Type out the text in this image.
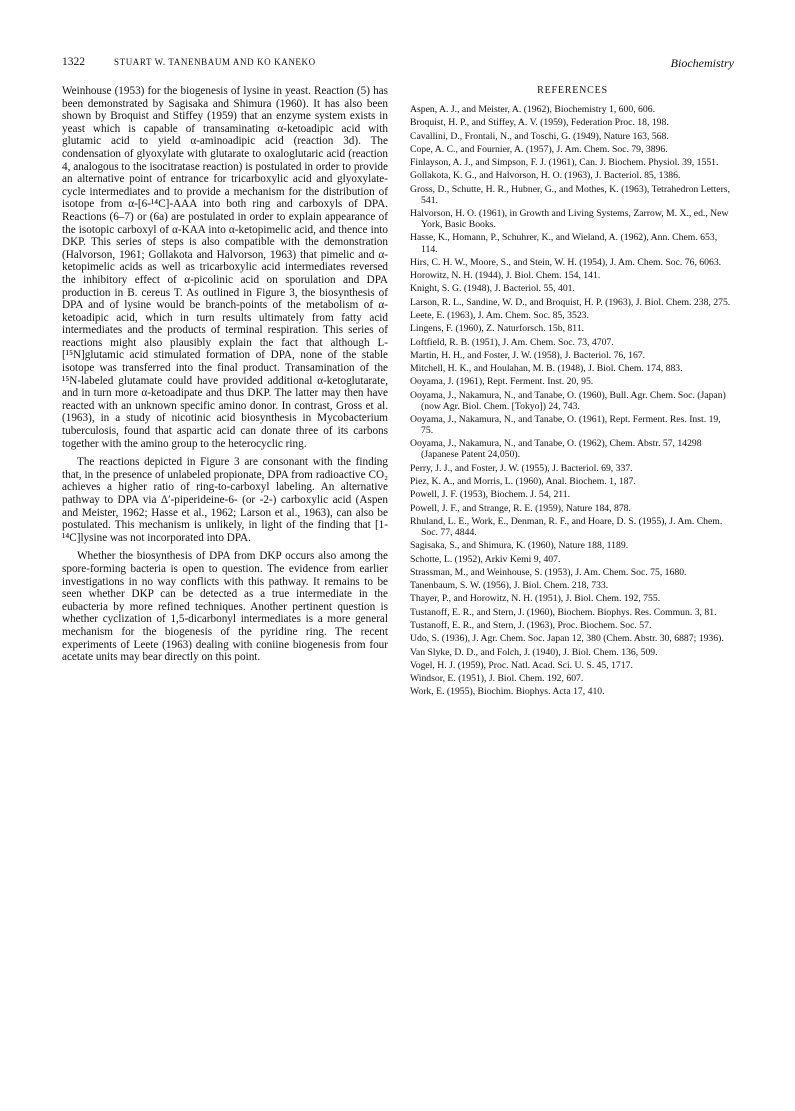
1322	STUART W. TANENBAUM AND KO KANEKO	Biochemistry

Weinhouse (1953) for the biogenesis of lysine in yeast. Reaction (5) has been demonstrated by Sagisaka and Shimura (1960). It has also been shown by Broquist and Stiffey (1959) that an enzyme system exists in yeast which is capable of transaminating α-ketoadipic acid with glutamic acid to yield α-aminoadipic acid (reaction 3d). The condensation of glyoxylate with glutarate to oxaloglutaric acid (reaction 4, analogous to the isocitratase reaction) is postulated in order to provide an alternative point of entrance for tricarboxylic acid and glyoxylate-cycle intermediates and to provide a mechanism for the distribution of isotope from α-[6-¹⁴C]-AAA into both ring and carboxyls of DPA. Reactions (6–7) or (6a) are postulated in order to explain appearance of the isotopic carboxyl of α-KAA into α-ketopimelic acid, and thence into DKP. This series of steps is also compatible with the demonstration (Halvorson, 1961; Gollakota and Halvorson, 1963) that pimelic and α-ketopimelic acids as well as tricarboxylic acid intermediates reversed the inhibitory effect of α-picolinic acid on sporulation and DPA production in B. cereus T. As outlined in Figure 3, the biosynthesis of DPA and of lysine would be branch-points of the metabolism of α-ketoadipic acid, which in turn results ultimately from fatty acid intermediates and the products of terminal respiration. This series of reactions might also plausibly explain the fact that although L-[¹⁵N]glutamic acid stimulated formation of DPA, none of the stable isotope was transferred into the final product. Transamination of the ¹⁵N-labeled glutamate could have provided additional α-ketoglutarate, and in turn more α-ketoadipate and thus DKP. The latter may then have reacted with an unknown specific amino donor. In contrast, Gross et al. (1963), in a study of nicotinic acid biosynthesis in Mycobacterium tuberculosis, found that aspartic acid can donate three of its carbons together with the amino group to the heterocyclic ring.

The reactions depicted in Figure 3 are consonant with the finding that, in the presence of unlabeled propionate, DPA from radioactive CO₂ achieves a higher ratio of ring-to-carboxyl labeling. An alternative pathway to DPA via Δ′-piperideine-6- (or -2-) carboxylic acid (Aspen and Meister, 1962; Hasse et al., 1962; Larson et al., 1963), can also be postulated. This mechanism is unlikely, in light of the finding that [1-¹⁴C]lysine was not incorporated into DPA.

Whether the biosynthesis of DPA from DKP occurs also among the spore-forming bacteria is open to question. The evidence from earlier investigations in no way conflicts with this pathway. It remains to be seen whether DKP can be detected as a true intermediate in the eubacteria by more refined techniques. Another pertinent question is whether cyclization of 1,5-dicarbonyl intermediates is a more general mechanism for the biogenesis of the pyridine ring. The recent experiments of Leete (1963) dealing with coniine biogenesis from four acetate units may bear directly on this point.

REFERENCES
Aspen, A. J., and Meister, A. (1962), Biochemistry 1, 600, 606.
Broquist, H. P., and Stiffey, A. V. (1959), Federation Proc. 18, 198.
Cavallini, D., Frontali, N., and Toschi, G. (1949), Nature 163, 568.
Cope, A. C., and Fournier, A. (1957), J. Am. Chem. Soc. 79, 3896.
Finlayson, A. J., and Simpson, F. J. (1961), Can. J. Biochem. Physiol. 39, 1551.
Gollakota, K. G., and Halvorson, H. O. (1963), J. Bacteriol. 85, 1386.
Gross, D., Schutte, H. R., Hubner, G., and Mothes, K. (1963), Tetrahedron Letters, 541.
Halvorson, H. O. (1961), in Growth and Living Systems, Zarrow, M. X., ed., New York, Basic Books.
Hasse, K., Homann, P., Schuhrer, K., and Wieland, A. (1962), Ann. Chem. 653, 114.
Hirs, C. H. W., Moore, S., and Stein, W. H. (1954), J. Am. Chem. Soc. 76, 6063.
Horowitz, N. H. (1944), J. Biol. Chem. 154, 141.
Knight, S. G. (1948), J. Bacteriol. 55, 401.
Larson, R. L., Sandine, W. D., and Broquist, H. P. (1963), J. Biol. Chem. 238, 275.
Leete, E. (1963), J. Am. Chem. Soc. 85, 3523.
Lingens, F. (1960), Z. Naturforsch. 15b, 811.
Loftfield, R. B. (1951), J. Am. Chem. Soc. 73, 4707.
Martin, H. H., and Foster, J. W. (1958), J. Bacteriol. 76, 167.
Mitchell, H. K., and Houlahan, M. B. (1948), J. Biol. Chem. 174, 883.
Ooyama, J. (1961), Rept. Ferment. Inst. 20, 95.
Ooyama, J., Nakamura, N., and Tanabe, O. (1960), Bull. Agr. Chem. Soc. (Japan) (now Agr. Biol. Chem. [Tokyo]) 24, 743.
Ooyama, J., Nakamura, N., and Tanabe, O. (1961), Rept. Ferment. Res. Inst. 19, 75.
Ooyama, J., Nakamura, N., and Tanabe, O. (1962), Chem. Abstr. 57, 14298 (Japanese Patent 24,050).
Perry, J. J., and Foster, J. W. (1955), J. Bacteriol. 69, 337.
Piez, K. A., and Morris, L. (1960), Anal. Biochem. 1, 187.
Powell, J. F. (1953), Biochem. J. 54, 211.
Powell, J. F., and Strange, R. E. (1959), Nature 184, 878.
Rhuland, L. E., Work, E., Denman, R. F., and Hoare, D. S. (1955), J. Am. Chem. Soc. 77, 4844.
Sagisaka, S., and Shimura, K. (1960), Nature 188, 1189.
Schotte, L. (1952), Arkiv Kemi 9, 407.
Strassman, M., and Weinhouse, S. (1953), J. Am. Chem. Soc. 75, 1680.
Tanenbaum, S. W. (1956), J. Biol. Chem. 218, 733.
Thayer, P., and Horowitz, N. H. (1951), J. Biol. Chem. 192, 755.
Tustanoff, E. R., and Stern, J. (1960), Biochem. Biophys. Res. Commun. 3, 81.
Tustanoff, E. R., and Stern, J. (1963), Proc. Biochem. Soc. 57.
Udo, S. (1936), J. Agr. Chem. Soc. Japan 12, 380 (Chem. Abstr. 30, 6887; 1936).
Van Slyke, D. D., and Folch, J. (1940), J. Biol. Chem. 136, 509.
Vogel, H. J. (1959), Proc. Natl. Acad. Sci. U. S. 45, 1717.
Windsor, E. (1951), J. Biol. Chem. 192, 607.
Work, E. (1955), Biochim. Biophys. Acta 17, 410.
